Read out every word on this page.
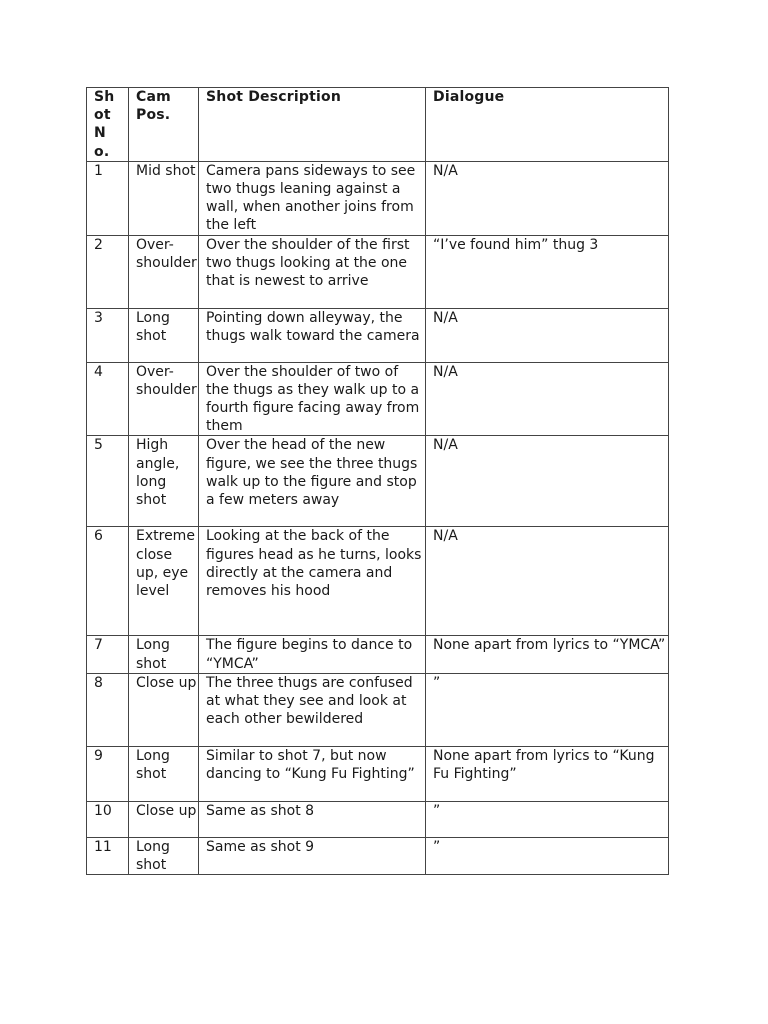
Shot No.	Cam Pos.	Shot Description	Dialogue

1	Mid shot	Camera pans sideways to see two thugs leaning against a wall, when another joins from the left	N/A
2	Over-shoulder	Over the shoulder of the first two thugs looking at the one that is newest to arrive	“I’ve found him” thug 3
3	Long shot	Pointing down alleyway, the thugs walk toward the camera	N/A
4	Over-shoulder	Over the shoulder of two of the thugs as they walk up to a fourth figure facing away from them	N/A
5	High angle, long shot	Over the head of the new figure, we see the three thugs walk up to the figure and stop a few meters away	N/A
6	Extreme close up, eye level	Looking at the back of the figures head as he turns, looks directly at the camera and removes his hood	N/A
7	Long shot	The figure begins to dance to “YMCA”	None apart from lyrics to “YMCA”
8	Close up	The three thugs are confused at what they see and look at each other bewildered	”
9	Long shot	Similar to shot 7, but now dancing to “Kung Fu Fighting”	None apart from lyrics to “Kung Fu Fighting”
10	Close up	Same as shot 8	”
11	Long shot	Same as shot 9	”
